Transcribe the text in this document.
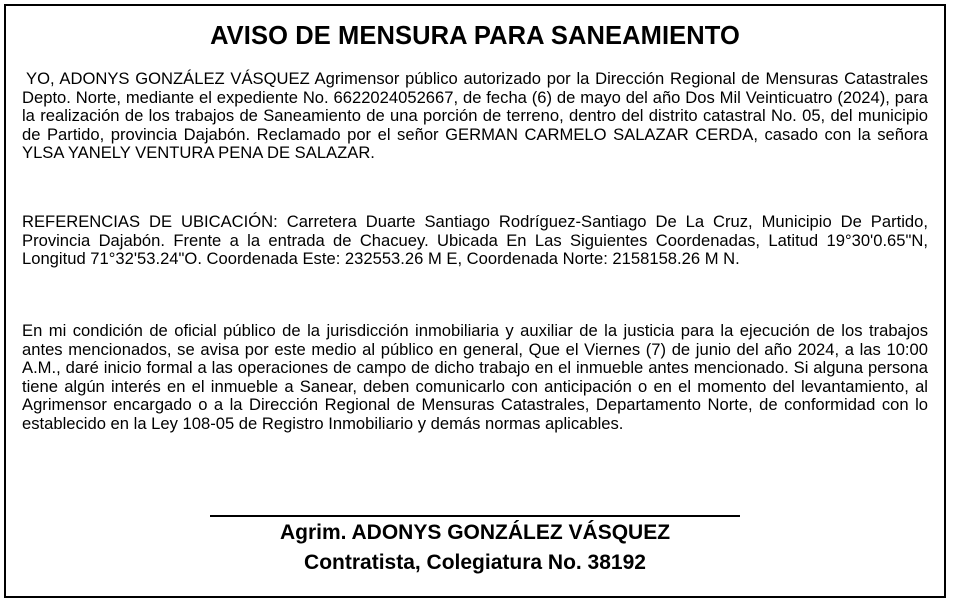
AVISO DE MENSURA PARA SANEAMIENTO

YO, ADONYS GONZÁLEZ VÁSQUEZ Agrimensor público autorizado por la Dirección Regional de Mensuras Catastrales Depto. Norte, mediante el expediente No. 6622024052667, de fecha (6) de mayo del año Dos Mil Veinticuatro (2024), para la realización de los trabajos de Saneamiento de una porción de terreno, dentro del distrito catastral No. 05, del municipio de Partido, provincia Dajabón. Reclamado por el señor GERMAN CARMELO SALAZAR CERDA, casado con la señora YLSA YANELY VENTURA PENA DE SALAZAR.

REFERENCIAS DE UBICACIÓN: Carretera Duarte Santiago Rodríguez-Santiago De La Cruz, Municipio De Partido, Provincia Dajabón. Frente a la entrada de Chacuey. Ubicada En Las Siguientes Coordenadas, Latitud 19°30'0.65"N, Longitud 71°32'53.24"O. Coordenada Este: 232553.26 M E, Coordenada Norte: 2158158.26 M N.

En mi condición de oficial público de la jurisdicción inmobiliaria y auxiliar de la justicia para la ejecución de los trabajos antes mencionados, se avisa por este medio al público en general, Que el Viernes (7) de junio del año 2024, a las 10:00 A.M., daré inicio formal a las operaciones de campo de dicho trabajo en el inmueble antes mencionado. Si alguna persona tiene algún interés en el inmueble a Sanear, deben comunicarlo con anticipación o en el momento del levantamiento, al Agrimensor encargado o a la Dirección Regional de Mensuras Catastrales, Departamento Norte, de conformidad con lo establecido en la Ley 108-05 de Registro Inmobiliario y demás normas aplicables.

Agrim. ADONYS GONZÁLEZ VÁSQUEZ
Contratista, Colegiatura No. 38192
